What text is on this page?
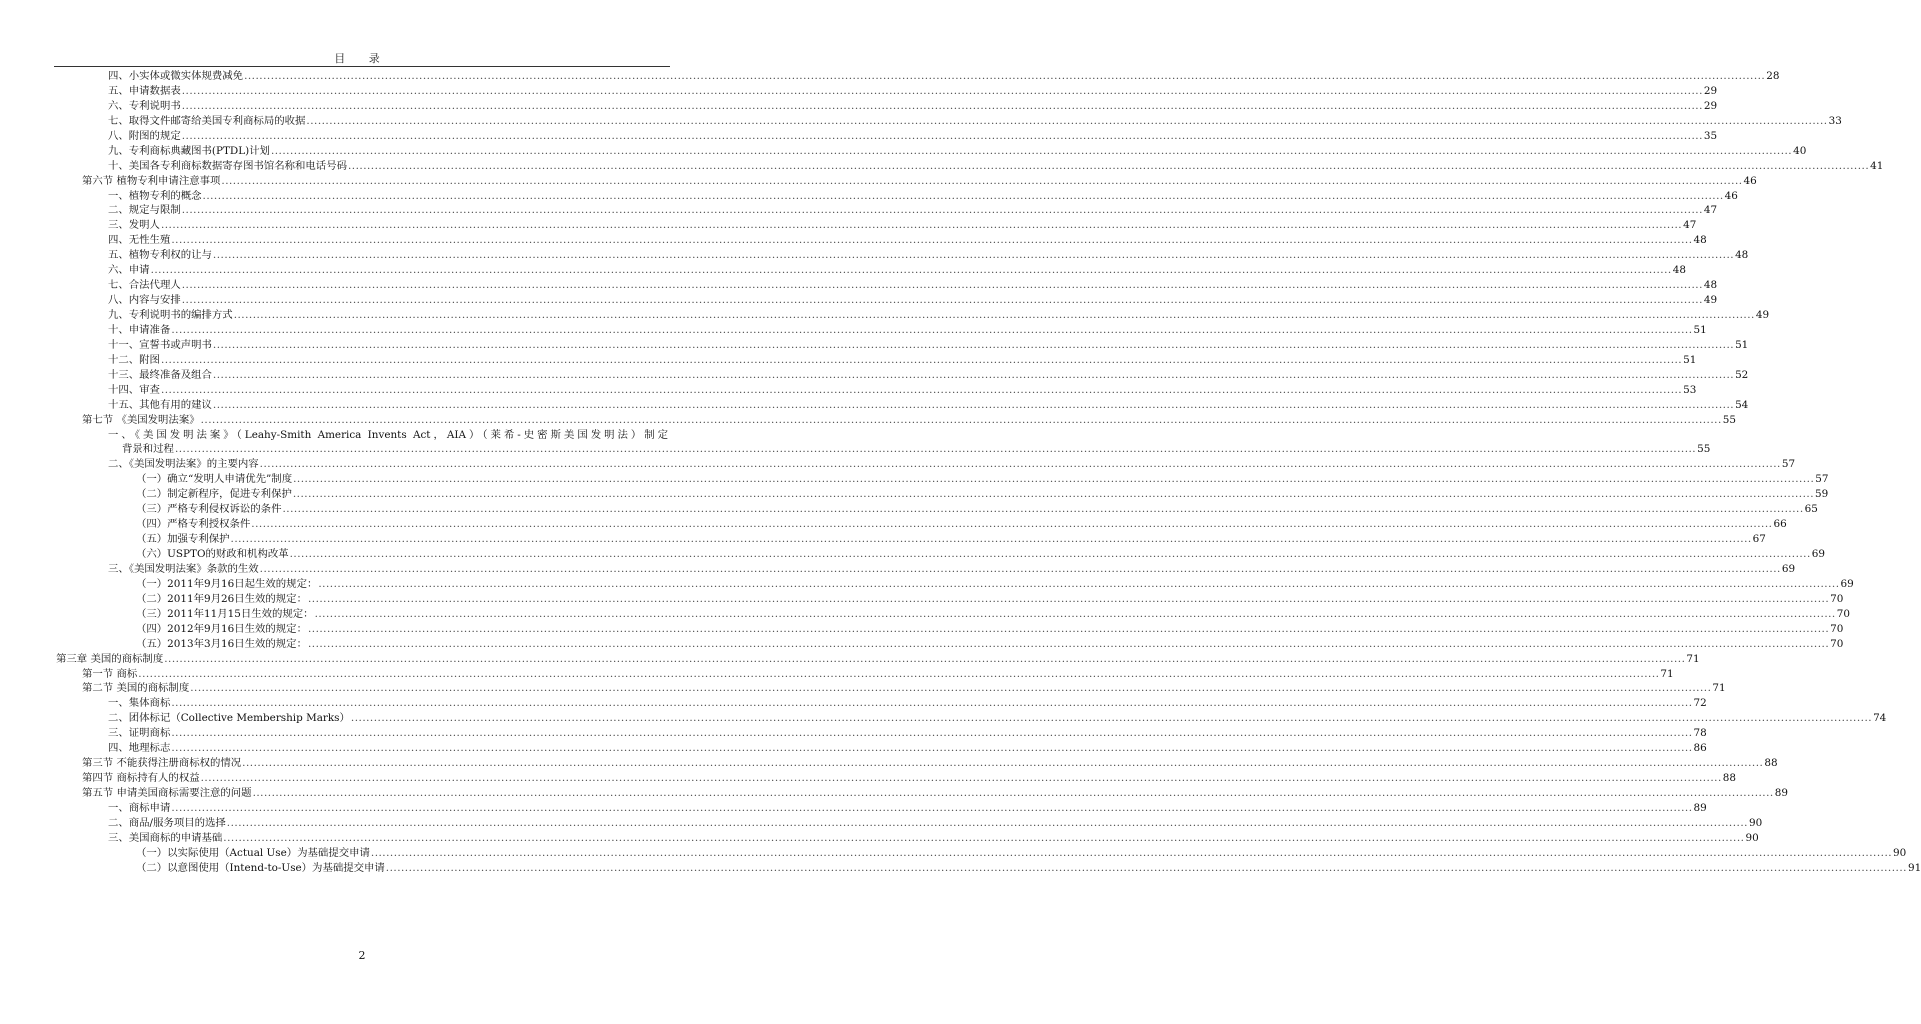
目 录
四、小实体或微实体规费减免 ................................................................................................................................................................................................................................................................................................................................................................................................................ 28
五、申请数据表 ................................................................................................................................................................................................................................................................................................................................................................................................................ 29
六、专利说明书 ................................................................................................................................................................................................................................................................................................................................................................................................................ 29
七、取得文件邮寄给美国专利商标局的收据 ................................................................................................................................................................................................................................................................................................................................................................................................................ 33
八、附图的规定 ................................................................................................................................................................................................................................................................................................................................................................................................................ 35
九、专利商标典藏图书(PTDL)计划 ................................................................................................................................................................................................................................................................................................................................................................................................................ 40
十、美国各专利商标数据寄存图书馆名称和电话号码 ................................................................................................................................................................................................................................................................................................................................................................................................................ 41
第六节 植物专利申请注意事项 ................................................................................................................................................................................................................................................................................................................................................................................................................ 46
一、植物专利的概念 ................................................................................................................................................................................................................................................................................................................................................................................................................ 46
二、规定与限制 ................................................................................................................................................................................................................................................................................................................................................................................................................ 47
三、发明人 ................................................................................................................................................................................................................................................................................................................................................................................................................ 47
四、无性生殖 ................................................................................................................................................................................................................................................................................................................................................................................................................ 48
五、植物专利权的让与 ................................................................................................................................................................................................................................................................................................................................................................................................................ 48
六、申请 ................................................................................................................................................................................................................................................................................................................................................................................................................ 48
七、合法代理人 ................................................................................................................................................................................................................................................................................................................................................................................................................ 48
八、内容与安排 ................................................................................................................................................................................................................................................................................................................................................................................................................ 49
九、专利说明书的编排方式 ................................................................................................................................................................................................................................................................................................................................................................................................................ 49
十、申请准备 ................................................................................................................................................................................................................................................................................................................................................................................................................ 51
十一、宣誓书或声明书 ................................................................................................................................................................................................................................................................................................................................................................................................................ 51
十二、附图 ................................................................................................................................................................................................................................................................................................................................................................................................................ 51
十三、最终准备及组合 ................................................................................................................................................................................................................................................................................................................................................................................................................ 52
十四、审查 ................................................................................................................................................................................................................................................................................................................................................................................................................ 53
十五、其他有用的建议 ................................................................................................................................................................................................................................................................................................................................................................................................................ 54
第七节 《美国发明法案》 ................................................................................................................................................................................................................................................................................................................................................................................................................ 55
一、《美国发明法案》（Leahy-Smith America Invents Act，AIA）（莱希-史密斯美国发明法）制定
背景和过程 ................................................................................................................................................................................................................................................................................................................................................................................................................ 55
二、《美国发明法案》的主要内容 ................................................................................................................................................................................................................................................................................................................................................................................................................ 57
（一）确立“发明人申请优先”制度 ................................................................................................................................................................................................................................................................................................................................................................................................................ 57
（二）制定新程序，促进专利保护 ................................................................................................................................................................................................................................................................................................................................................................................................................ 59
（三）严格专利侵权诉讼的条件 ................................................................................................................................................................................................................................................................................................................................................................................................................ 65
（四）严格专利授权条件 ................................................................................................................................................................................................................................................................................................................................................................................................................ 66
（五）加强专利保护 ................................................................................................................................................................................................................................................................................................................................................................................................................ 67
（六）USPTO的财政和机构改革 ................................................................................................................................................................................................................................................................................................................................................................................................................ 69
三、《美国发明法案》条款的生效 ................................................................................................................................................................................................................................................................................................................................................................................................................ 69
（一）2011年9月16日起生效的规定： ................................................................................................................................................................................................................................................................................................................................................................................................................ 69
（二）2011年9月26日生效的规定： ................................................................................................................................................................................................................................................................................................................................................................................................................ 70
（三）2011年11月15日生效的规定： ................................................................................................................................................................................................................................................................................................................................................................................................................ 70
（四）2012年9月16日生效的规定： ................................................................................................................................................................................................................................................................................................................................................................................................................ 70
（五）2013年3月16日生效的规定： ................................................................................................................................................................................................................................................................................................................................................................................................................ 70
第三章 美国的商标制度 ................................................................................................................................................................................................................................................................................................................................................................................................................ 71
第一节 商标 ................................................................................................................................................................................................................................................................................................................................................................................................................ 71
第二节 美国的商标制度 ................................................................................................................................................................................................................................................................................................................................................................................................................ 71
一、集体商标 ................................................................................................................................................................................................................................................................................................................................................................................................................ 72
二、团体标记（Collective Membership Marks） ................................................................................................................................................................................................................................................................................................................................................................................................................ 74
三、证明商标 ................................................................................................................................................................................................................................................................................................................................................................................................................ 78
四、地理标志 ................................................................................................................................................................................................................................................................................................................................................................................................................ 86
第三节 不能获得注册商标权的情况 ................................................................................................................................................................................................................................................................................................................................................................................................................ 88
第四节 商标持有人的权益 ................................................................................................................................................................................................................................................................................................................................................................................................................ 88
第五节 申请美国商标需要注意的问题 ................................................................................................................................................................................................................................................................................................................................................................................................................ 89
一、商标申请 ................................................................................................................................................................................................................................................................................................................................................................................................................ 89
二、商品/服务项目的选择 ................................................................................................................................................................................................................................................................................................................................................................................................................ 90
三、美国商标的申请基础 ................................................................................................................................................................................................................................................................................................................................................................................................................ 90
（一）以实际使用（Actual Use）为基础提交申请 ................................................................................................................................................................................................................................................................................................................................................................................................................ 90
（二）以意图使用（Intend-to-Use）为基础提交申请 ................................................................................................................................................................................................................................................................................................................................................................................................................ 91
2
